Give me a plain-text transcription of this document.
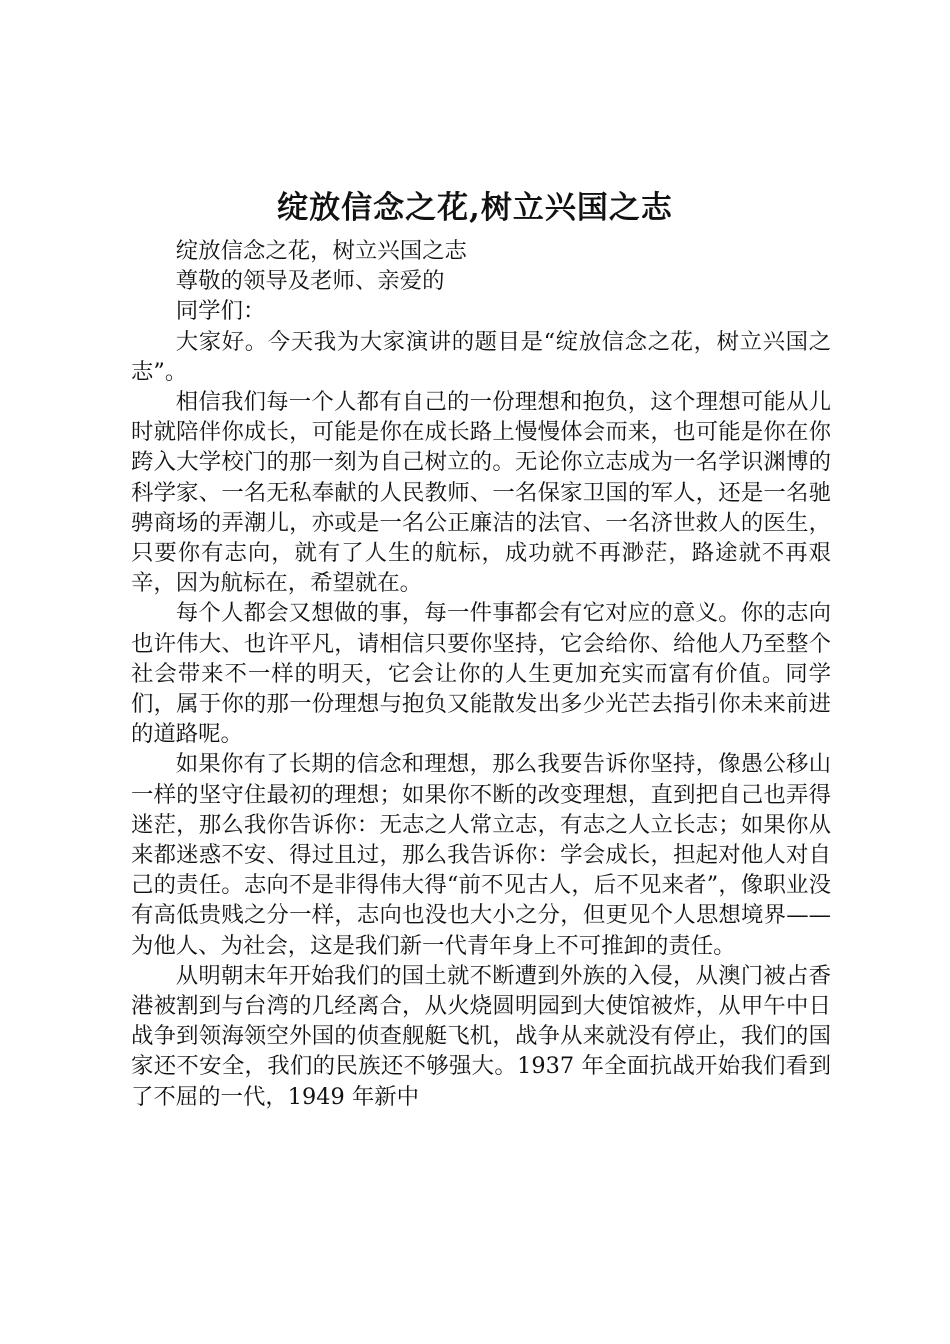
绽放信念之花,树立兴国之志

绽放信念之花，树立兴国之志

尊敬的领导及老师、亲爱的

同学们：

大家好。今天我为大家演讲的题目是“绽放信念之花，树立兴国之志”。

相信我们每一个人都有自己的一份理想和抱负，这个理想可能从儿时就陪伴你成长，可能是你在成长路上慢慢体会而来，也可能是你在你跨入大学校门的那一刻为自己树立的。无论你立志成为一名学识渊博的科学家、一名无私奉献的人民教师、一名保家卫国的军人，还是一名驰骋商场的弄潮儿，亦或是一名公正廉洁的法官、一名济世救人的医生，只要你有志向，就有了人生的航标，成功就不再渺茫，路途就不再艰辛，因为航标在，希望就在。

每个人都会又想做的事，每一件事都会有它对应的意义。你的志向也许伟大、也许平凡，请相信只要你坚持，它会给你、给他人乃至整个社会带来不一样的明天，它会让你的人生更加充实而富有价值。同学们，属于你的那一份理想与抱负又能散发出多少光芒去指引你未来前进的道路呢。

如果你有了长期的信念和理想，那么我要告诉你坚持，像愚公移山一样的坚守住最初的理想；如果你不断的改变理想，直到把自己也弄得迷茫，那么我你告诉你：无志之人常立志，有志之人立长志；如果你从来都迷惑不安、得过且过，那么我告诉你：学会成长，担起对他人对自己的责任。志向不是非得伟大得“前不见古人，后不见来者”，像职业没有高低贵贱之分一样，志向也没也大小之分，但更见个人思想境界——为他人、为社会，这是我们新一代青年身上不可推卸的责任。

从明朝末年开始我们的国土就不断遭到外族的入侵，从澳门被占香港被割到与台湾的几经离合，从火烧圆明园到大使馆被炸，从甲午中日战争到领海领空外国的侦查舰艇飞机，战争从来就没有停止，我们的国家还不安全，我们的民族还不够强大。1937 年全面抗战开始我们看到了不屈的一代，1949 年新中
